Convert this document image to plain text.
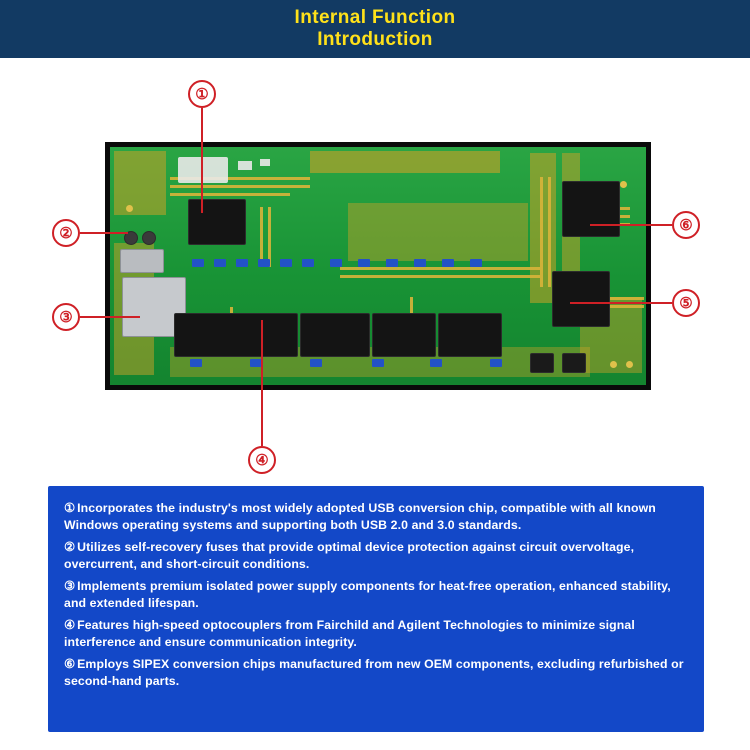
Internal Function
Introduction
①
②
③
④
⑤
⑥
① Incorporates the industry's most widely adopted USB conversion chip, compatible with all known Windows operating systems and supporting both USB 2.0 and 3.0 standards.
② Utilizes self-recovery fuses that provide optimal device protection against circuit overvoltage, overcurrent, and short-circuit conditions.
③ Implements premium isolated power supply components for heat-free operation, enhanced stability, and extended lifespan.
④ Features high-speed optocouplers from Fairchild and Agilent Technologies to minimize signal interference and ensure communication integrity.
⑥ Employs SIPEX conversion chips manufactured from new OEM components, excluding refurbished or second-hand parts.
